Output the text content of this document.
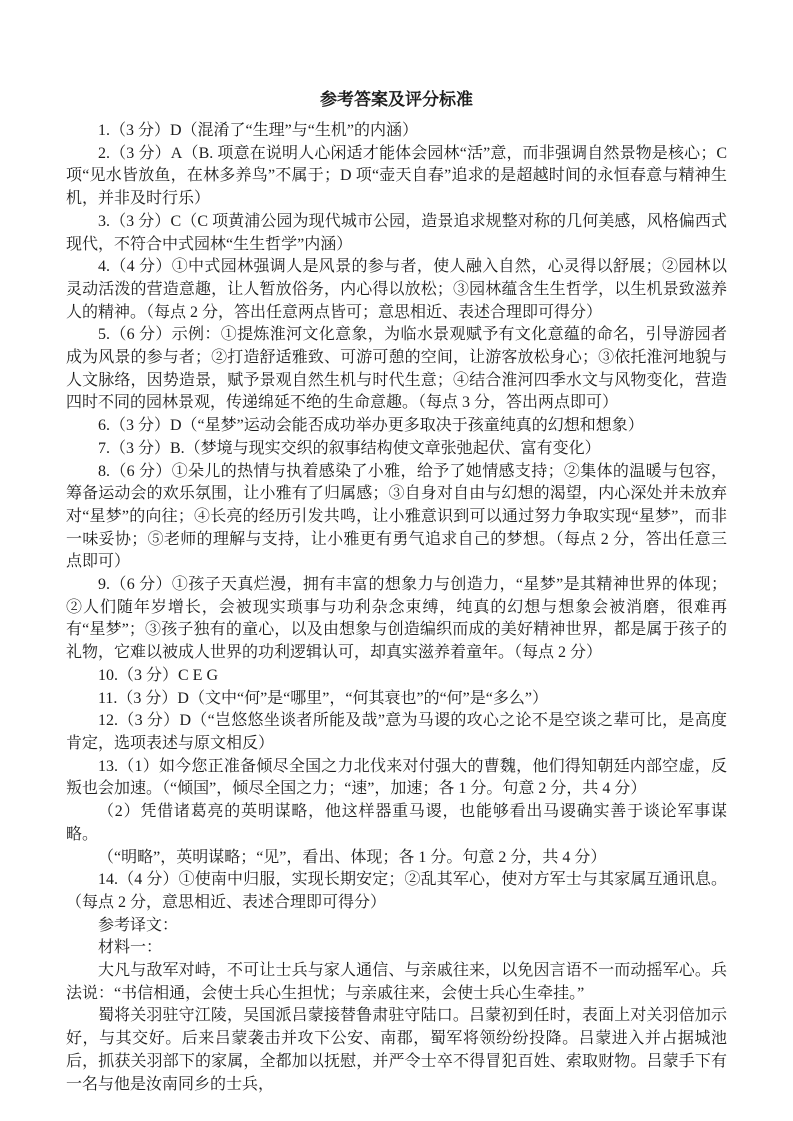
参考答案及评分标准

1.（3 分）D（混淆了“生理”与“生机”的内涵）

2.（3 分）A（B. 项意在说明人心闲适才能体会园林“活”意，而非强调自然景物是核心；C 项“见水皆放鱼，在林多养鸟”不属于；D 项“壶天自春”追求的是超越时间的永恒春意与精神生机，并非及时行乐）

3.（3 分）C（C 项黄浦公园为现代城市公园，造景追求规整对称的几何美感，风格偏西式现代，不符合中式园林“生生哲学”内涵）

4.（4 分）①中式园林强调人是风景的参与者，使人融入自然，心灵得以舒展；②园林以灵动活泼的营造意趣，让人暂放俗务，内心得以放松；③园林蕴含生生哲学，以生机景致滋养人的精神。（每点 2 分，答出任意两点皆可；意思相近、表述合理即可得分）

5.（6 分）示例：①提炼淮河文化意象，为临水景观赋予有文化意蕴的命名，引导游园者成为风景的参与者；②打造舒适雅致、可游可憩的空间，让游客放松身心；③依托淮河地貌与人文脉络，因势造景，赋予景观自然生机与时代生意；④结合淮河四季水文与风物变化，营造四时不同的园林景观，传递绵延不绝的生命意趣。（每点 3 分，答出两点即可）

6.（3 分）D（“星梦”运动会能否成功举办更多取决于孩童纯真的幻想和想象）

7.（3 分）B.（梦境与现实交织的叙事结构使文章张弛起伏、富有变化）

8.（6 分）①朵儿的热情与执着感染了小雅，给予了她情感支持；②集体的温暖与包容，筹备运动会的欢乐氛围，让小雅有了归属感；③自身对自由与幻想的渴望，内心深处并未放弃对“星梦”的向往；④长亮的经历引发共鸣，让小雅意识到可以通过努力争取实现“星梦”，而非一味妥协；⑤老师的理解与支持，让小雅更有勇气追求自己的梦想。（每点 2 分，答出任意三点即可）

9.（6 分）①孩子天真烂漫，拥有丰富的想象力与创造力，“星梦”是其精神世界的体现；②人们随年岁增长，会被现实琐事与功利杂念束缚，纯真的幻想与想象会被消磨，很难再有“星梦”；③孩子独有的童心，以及由想象与创造编织而成的美好精神世界，都是属于孩子的礼物，它难以被成人世界的功利逻辑认可，却真实滋养着童年。（每点 2 分）

10.（3 分）C E G

11.（3 分）D（文中“何”是“哪里”，“何其衰也”的“何”是“多么”）

12.（3 分）D（“岂悠悠坐谈者所能及哉”意为马谡的攻心之论不是空谈之辈可比，是高度肯定，选项表述与原文相反）

13.（1）如今您正准备倾尽全国之力北伐来对付强大的曹魏，他们得知朝廷内部空虚，反叛也会加速。（“倾国”，倾尽全国之力；“速”，加速；各 1 分。句意 2 分，共 4 分）

（2）凭借诸葛亮的英明谋略，他这样器重马谡，也能够看出马谡确实善于谈论军事谋略。

（“明略”，英明谋略；“见”，看出、体现；各 1 分。句意 2 分，共 4 分）

14.（4 分）①使南中归服，实现长期安定；②乱其军心，使对方军士与其家属互通讯息。（每点 2 分，意思相近、表述合理即可得分）

参考译文：

材料一：

大凡与敌军对峙，不可让士兵与家人通信、与亲戚往来，以免因言语不一而动摇军心。兵法说：“书信相通，会使士兵心生担忧；与亲戚往来，会使士兵心生牵挂。”

蜀将关羽驻守江陵，吴国派吕蒙接替鲁肃驻守陆口。吕蒙初到任时，表面上对关羽倍加示好，与其交好。后来吕蒙袭击并攻下公安、南郡，蜀军将领纷纷投降。吕蒙进入并占据城池后，抓获关羽部下的家属，全都加以抚慰，并严令士卒不得冒犯百姓、索取财物。吕蒙手下有一名与他是汝南同乡的士兵，
